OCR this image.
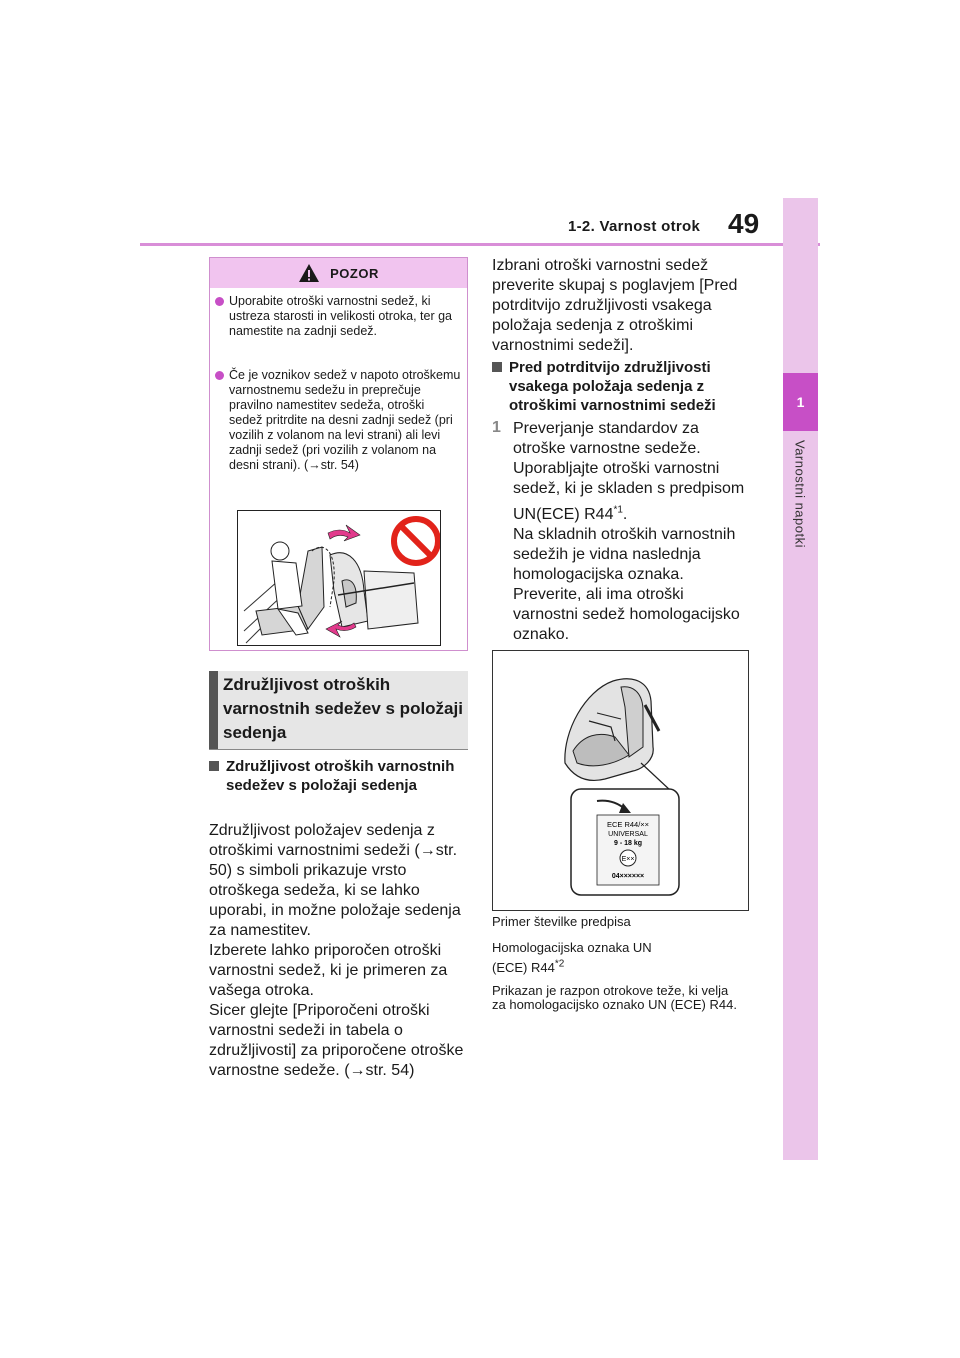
1-2. Varnost otrok 49
1
Varnostni napotki
POZOR
Uporabite otroški varnostni sedež, ki ustreza starosti in velikosti otroka, ter ga namestite na zadnji sedež.
Če je voznikov sedež v napoto otroškemu varnostnemu sedežu in preprečuje pravilno namestitev sedeža, otroški sedež pritrdite na desni zadnji sedež (pri vozilih z volanom na levi strani) ali levi zadnji sedež (pri vozilih z volanom na desni strani). (→str. 54)
Združljivost otroških varnostnih sedežev s položaji sedenja
Združljivost otroških varnostnih sedežev s položaji sedenja
Združljivost položajev sedenja z otroškimi varnostnimi sedeži (→str. 50) s simboli prikazuje vrsto otroškega sedeža, ki se lahko uporabi, in možne položaje sedenja za namestitev.
Izberete lahko priporočen otroški varnostni sedež, ki je primeren za vašega otroka.
Sicer glejte [Priporočeni otroški varnostni sedeži in tabela o združljivosti] za priporočene otroške varnostne sedeže. (→str. 54)
Izbrani otroški varnostni sedež preverite skupaj s poglavjem [Pred potrditvijo združljivosti vsakega položaja sedenja z otroškimi varnostnimi sedeži].
Pred potrditvijo združljivosti vsakega položaja sedenja z otroškimi varnostnimi sedeži
1 Preverjanje standardov za otroške varnostne sedeže. Uporabljajte otroški varnostni sedež, ki je skladen s predpisom
UN(ECE) R44$^{*1}$.
Na skladnih otroških varnostnih sedežih je vidna naslednja homologacijska oznaka. Preverite, ali ima otroški varnostni sedež homologacijsko oznako.
ECE R44/××
UNIVERSAL
9 - 18 kg
E××
04××××××
Primer številke predpisa
Homologacijska oznaka UN
(ECE) R44$^{*2}$
Prikazan je razpon otrokove teže, ki velja za homologacijsko oznako UN (ECE) R44.
